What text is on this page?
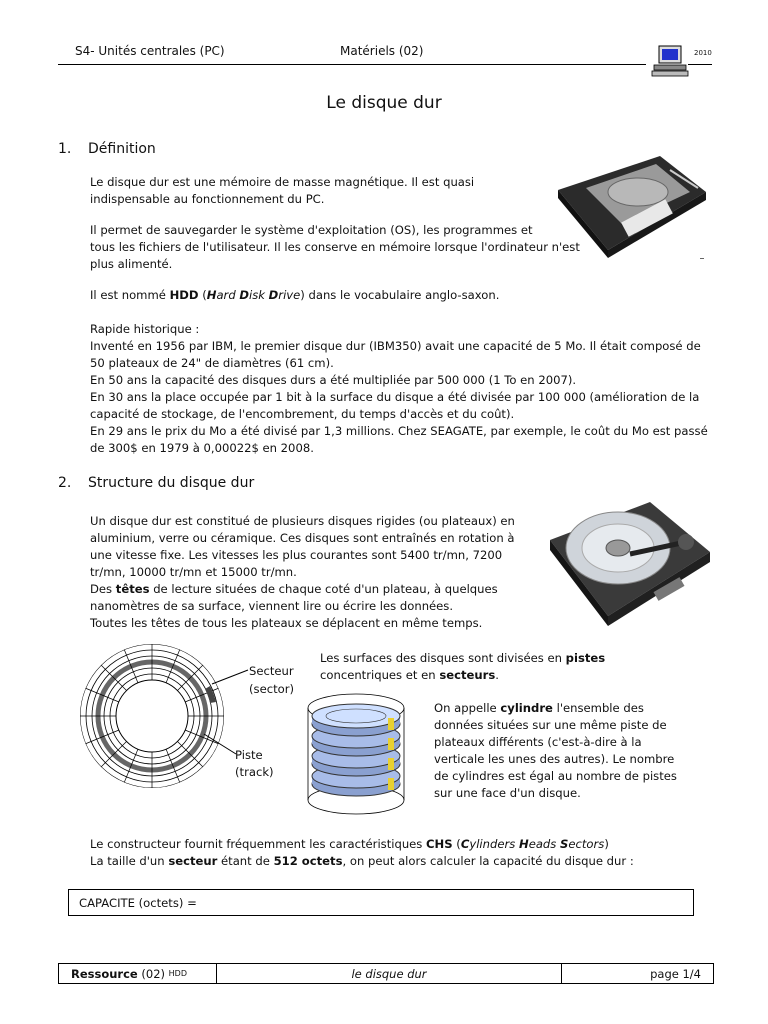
S4- Unités centrales (PC)	Matériels (02)	2010
Le disque dur
1. Définition

Le disque dur est une mémoire de masse magnétique. Il est quasi indispensable au fonctionnement du PC.

Il permet de sauvegarder le système d'exploitation (OS), les programmes et

tous les fichiers de l'utilisateur. Il les conserve en mémoire lorsque l'ordinateur n'est plus alimenté.

Il est nommé HDD (Hard Disk Drive) dans le vocabulaire anglo-saxon.

Rapide historique :

Inventé en 1956 par IBM, le premier disque dur (IBM350) avait une capacité de 5 Mo. Il était composé de 50 plateaux de 24" de diamètres (61 cm).

En 50 ans la capacité des disques durs a été multipliée par 500 000 (1 To en 2007).

En 30 ans la place occupée par 1 bit à la surface du disque a été divisée par 100 000 (amélioration de la capacité de stockage, de l'encombrement, du temps d'accès et du coût).

En 29 ans le prix du Mo a été divisé par 1,3 millions. Chez SEAGATE, par exemple, le coût du Mo est passé de 300$ en 1979 à 0,00022$ en 2008.

2. Structure du disque dur

Un disque dur est constitué de plusieurs disques rigides (ou plateaux) en aluminium, verre ou céramique. Ces disques sont entraînés en rotation à une vitesse fixe. Les vitesses les plus courantes sont 5400 tr/mn, 7200 tr/mn, 10000 tr/mn et 15000 tr/mn.

Des têtes de lecture situées de chaque coté d'un plateau, à quelques nanomètres de sa surface, viennent lire ou écrire les données.

Toutes les têtes de tous les plateaux se déplacent en même temps.

Secteur
(sector)
Piste
(track)

Les surfaces des disques sont divisées en pistes concentriques et en secteurs.

On appelle cylindre l'ensemble des données situées sur une même piste de plateaux différents (c'est-à-dire à la verticale les unes des autres). Le nombre de cylindres est égal au nombre de pistes sur une face d'un disque.

Le constructeur fournit fréquemment les caractéristiques CHS (Cylinders Heads Sectors)

La taille d'un secteur étant de 512 octets, on peut alors calculer la capacité du disque dur :

CAPACITE (octets) =
Ressource (02) HDD	le disque dur	page 1/4
